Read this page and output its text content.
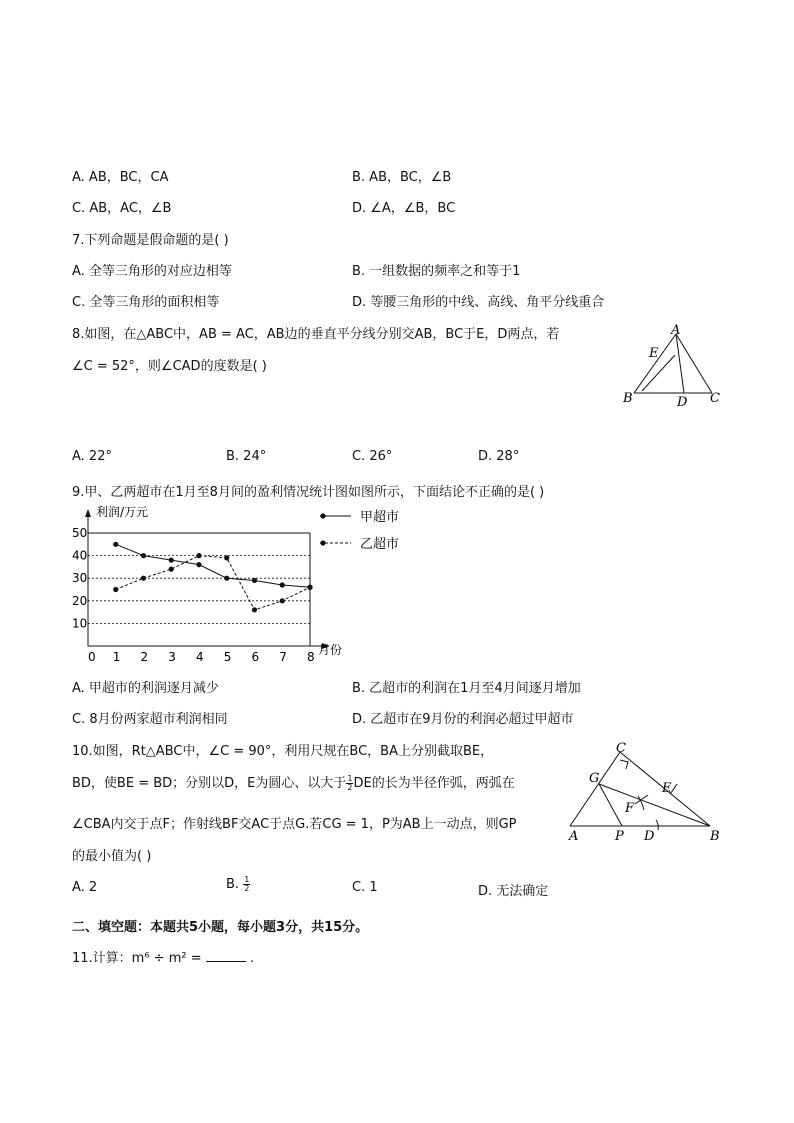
A. AB，BC，CA	B. AB，BC，∠B
C. AB，AC，∠B	D. ∠A，∠B，BC
7.下列命题是假命题的是( )
A. 全等三角形的对应边相等	B. 一组数据的频率之和等于1
C. 全等三角形的面积相等	D. 等腰三角形的中线、高线、角平分线重合
8.如图，在△ABC中，AB = AC，AB边的垂直平分线分别交AB，BC于E，D两点，若
∠C = 52°，则∠CAD的度数是( )
A
B	C
D
E
A. 22°	B. 24°	C. 26°	D. 28°
9.甲、乙两超市在1月至8月间的盈利情况统计图如图所示，下面结论不正确的是( )
10
20
30
40
50
0 1 2 3 4 5 6 7 8
利润/万元
月份
甲超市
乙超市
A. 甲超市的利润逐月减少	B. 乙超市的利润在1月至4月间逐月增加
C. 8月份两家超市利润相同	D. 乙超市在9月份的利润必超过甲超市
10.如图，Rt△ABC中，∠C = 90°，利用尺规在BC，BA上分别截取BE，
BD，使BE = BD；分别以D，E为圆心、以大于 $\frac{1}{2}$ DE的长为半径作弧，两弧在
∠CBA内交于点F；作射线BF交AC于点G.若CG = 1，P为AB上一动点，则GP
的最小值为( )
A	B
C
D
E
F
G
P
A. 2	B. $\frac{1}{2}$	C. 1	D. 无法确定
二、填空题：本题共5小题，每小题3分，共15分。
11.计算：m⁶ ÷ m² =	.
